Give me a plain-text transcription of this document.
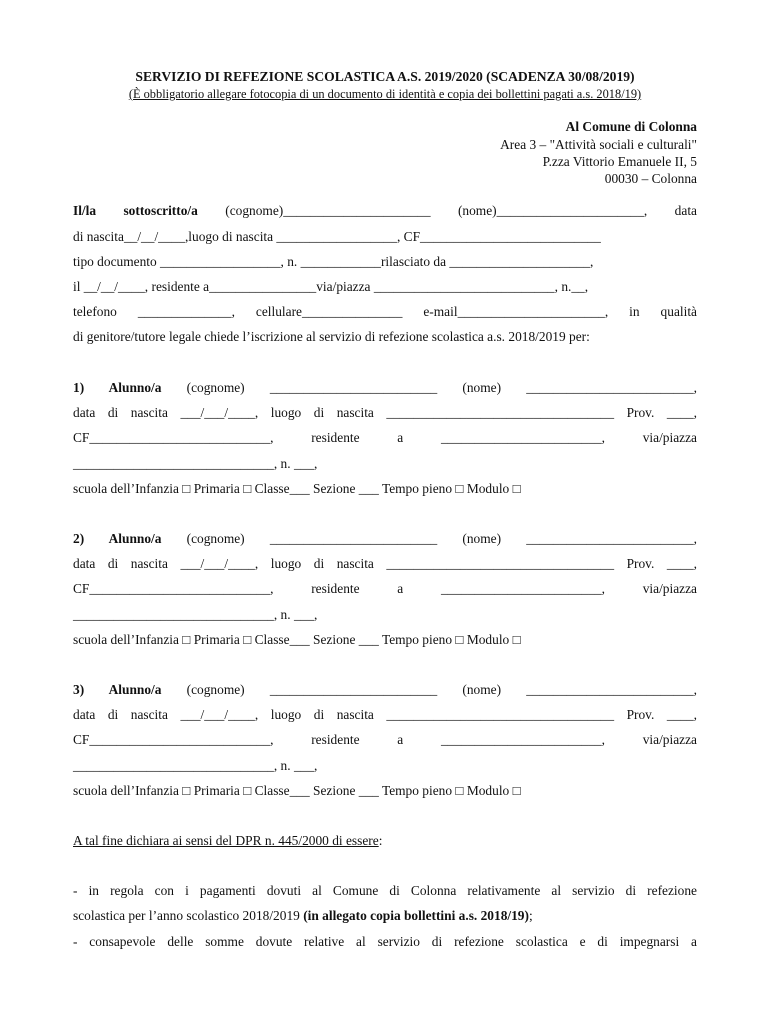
SERVIZIO DI REFEZIONE SCOLASTICA A.S. 2019/2020 (SCADENZA 30/08/2019)
(È obbligatorio allegare fotocopia di un documento di identità e copia dei bollettini pagati a.s. 2018/19)
Al Comune di Colonna
Area 3 – "Attività sociali e culturali"
P.zza Vittorio Emanuele II, 5
00030 – Colonna
Il/la sottoscritto/a (cognome)______________________ (nome)______________________, data
di nascita__/__/____,luogo di nascita __________________, CF___________________________
tipo documento __________________, n. ____________rilasciato da _____________________,
il __/__/____, residente a________________via/piazza ___________________________, n.__,
telefono ______________, cellulare_______________ e-mail______________________, in qualità
di genitore/tutore legale chiede l’iscrizione al servizio di refezione scolastica a.s. 2018/2019 per:
1) Alunno/a (cognome) _________________________ (nome) _________________________,
data di nascita ___/___/____, luogo di nascita __________________________________ Prov. ____,
CF___________________________, residente a ________________________, via/piazza
______________________________, n. ___,
scuola dell’Infanzia □ Primaria □ Classe___ Sezione ___ Tempo pieno □ Modulo □
2) Alunno/a (cognome) _________________________ (nome) _________________________,
data di nascita ___/___/____, luogo di nascita __________________________________ Prov. ____,
CF___________________________, residente a ________________________, via/piazza
______________________________, n. ___,
scuola dell’Infanzia □ Primaria □ Classe___ Sezione ___ Tempo pieno □ Modulo □
3) Alunno/a (cognome) _________________________ (nome) _________________________,
data di nascita ___/___/____, luogo di nascita __________________________________ Prov. ____,
CF___________________________, residente a ________________________, via/piazza
______________________________, n. ___,
scuola dell’Infanzia □ Primaria □ Classe___ Sezione ___ Tempo pieno □ Modulo □
A tal fine dichiara ai sensi del DPR n. 445/2000 di essere:
- in regola con i pagamenti dovuti al Comune di Colonna relativamente al servizio di refezione
scolastica per l’anno scolastico 2018/2019 (in allegato copia bollettini a.s. 2018/19);
- consapevole delle somme dovute relative al servizio di refezione scolastica e di impegnarsi a
